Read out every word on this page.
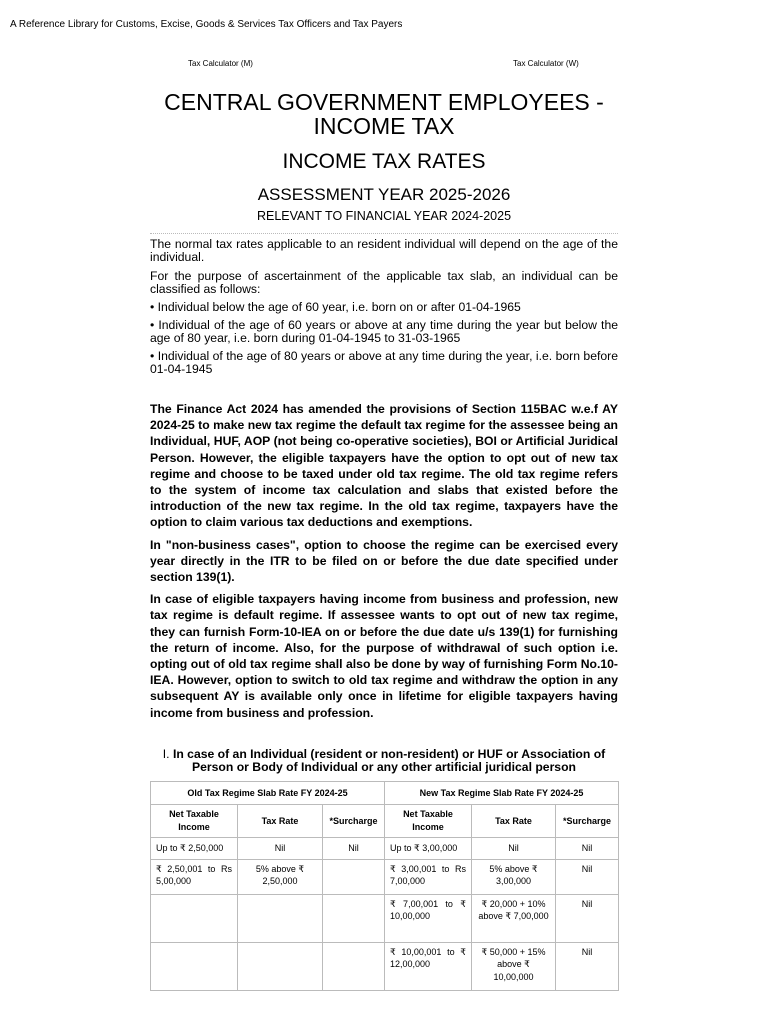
A Reference Library for Customs, Excise, Goods & Services Tax Officers and Tax Payers
Tax Calculator (M)	Tax Calculator (W)
CENTRAL GOVERNMENT EMPLOYEES - INCOME TAX
INCOME TAX RATES
ASSESSMENT YEAR 2025-2026
RELEVANT TO FINANCIAL YEAR 2024-2025

The normal tax rates applicable to an resident individual will depend on the age of the individual.

For the purpose of ascertainment of the applicable tax slab, an individual can be classified as follows:

• Individual below the age of 60 year, i.e. born on or after 01-04-1965

• Individual of the age of 60 years or above at any time during the year but below the age of 80 year, i.e. born during 01-04-1945 to 31-03-1965

• Individual of the age of 80 years or above at any time during the year, i.e. born before 01-04-1945

The Finance Act 2024 has amended the provisions of Section 115BAC w.e.f AY 2024-25 to make new tax regime the default tax regime for the assessee being an Individual, HUF, AOP (not being co-operative societies), BOI or Artificial Juridical Person. However, the eligible taxpayers have the option to opt out of new tax regime and choose to be taxed under old tax regime. The old tax regime refers to the system of income tax calculation and slabs that existed before the introduction of the new tax regime. In the old tax regime, taxpayers have the option to claim various tax deductions and exemptions.

In "non-business cases", option to choose the regime can be exercised every year directly in the ITR to be filed on or before the due date specified under section 139(1).

In case of eligible taxpayers having income from business and profession, new tax regime is default regime. If assessee wants to opt out of new tax regime, they can furnish Form-10-IEA on or before the due date u/s 139(1) for furnishing the return of income. Also, for the purpose of withdrawal of such option i.e. opting out of old tax regime shall also be done by way of furnishing Form No.10-IEA. However, option to switch to old tax regime and withdraw the option in any subsequent AY is available only once in lifetime for eligible taxpayers having income from business and profession.

I. In case of an Individual (resident or non-resident) or HUF or Association of Person or Body of Individual or any other artificial juridical person
Old Tax Regime Slab Rate FY 2024-25			New Tax Regime Slab Rate FY 2024-25		
Net Taxable Income	Tax Rate	*Surcharge	Net Taxable Income	Tax Rate	*Surcharge
Up to ₹ 2,50,000	Nil	Nil	Up to ₹ 3,00,000	Nil	Nil
₹ 2,50,001 to Rs 5,00,000	5% above ₹ 2,50,000		₹ 3,00,001 to Rs 7,00,000	5% above ₹ 3,00,000	Nil
			₹ 7,00,001 to ₹ 10,00,000	₹ 20,000 + 10% above ₹ 7,00,000	Nil
			₹ 10,00,001 to ₹ 12,00,000	₹ 50,000 + 15% above ₹ 10,00,000	Nil
